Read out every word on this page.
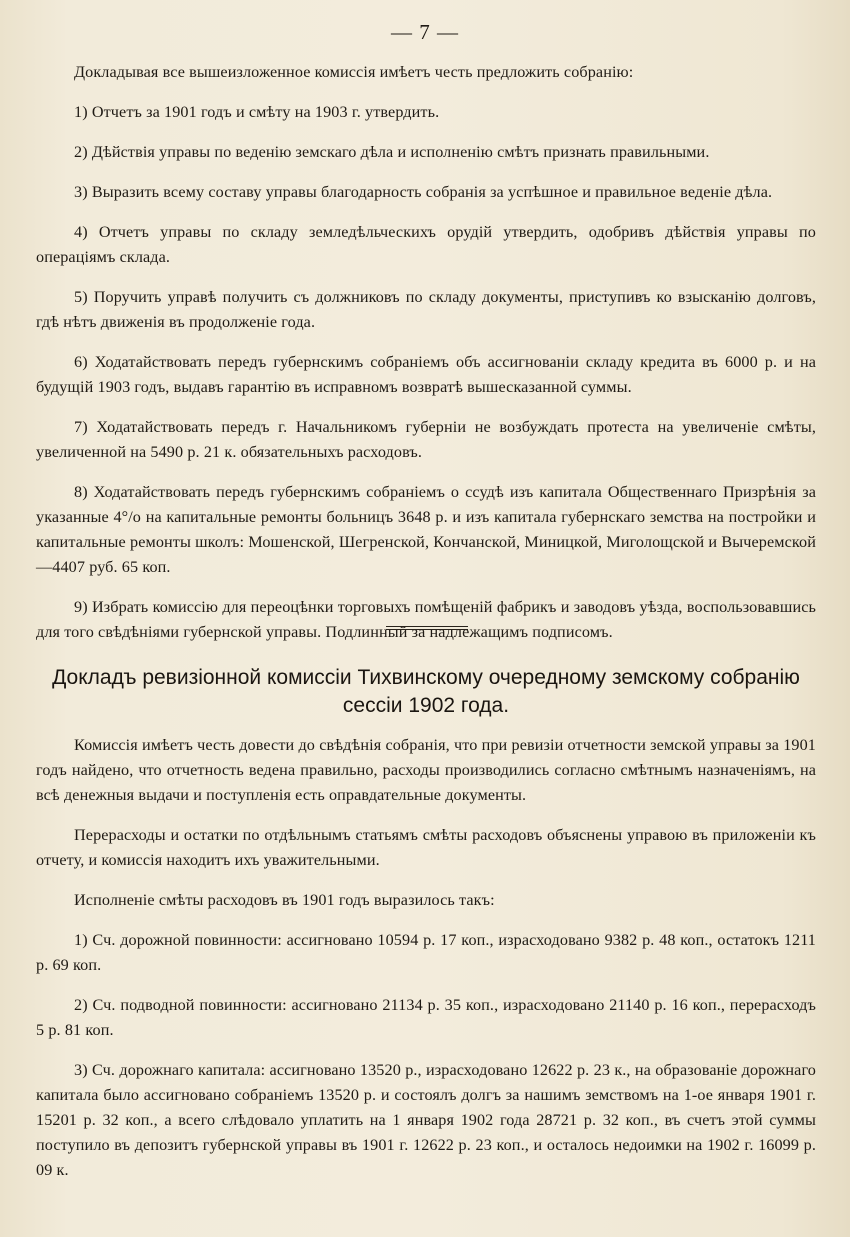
— 7 —

Докладывая все вышеизложенное комиссія имѣетъ честь предложить собранію:

1) Отчетъ за 1901 годъ и смѣту на 1903 г. утвердить.

2) Дѣйствія управы по веденію земскаго дѣла и исполненію смѣтъ признать правильными.

3) Выразить всему составу управы благодарность собранія за успѣшное и правильное веденіе дѣла.

4) Отчетъ управы по складу земледѣльческихъ орудій утвердить, одобривъ дѣйствія управы по операціямъ склада.

5) Поручить управѣ получить съ должниковъ по складу документы, приступивъ ко взысканію долговъ, гдѣ нѣтъ движенія въ продолженіе года.

6) Ходатайствовать передъ губернскимъ собраніемъ объ ассигнованіи складу кредита въ 6000 р. и на будущій 1903 годъ, выдавъ гарантію въ исправномъ возвратѣ вышесказанной суммы.

7) Ходатайствовать передъ г. Начальникомъ губерніи не возбуждать протеста на увеличеніе смѣты, увеличенной на 5490 р. 21 к. обязательныхъ расходовъ.

8) Ходатайствовать передъ губернскимъ собраніемъ о ссудѣ изъ капитала Общественнаго Призрѣнія за указанные 4°/о на капитальные ремонты больницъ 3648 р. и изъ капитала губернскаго земства на постройки и капитальные ремонты школъ: Мошенской, Шегренской, Кончанской, Миницкой, Миголощской и Вычеремской—4407 руб. 65 коп.

9) Избрать комиссію для переоцѣнки торговыхъ помѣщеній фабрикъ и заводовъ уѣзда, воспользовавшись для того свѣдѣніями губернской управы. Подлинный за надлежащимъ подписомъ.

Докладъ ревизіонной комиссіи Тихвинскому очередному земскому собранію
сессіи 1902 года.

Комиссія имѣетъ честь довести до свѣдѣнія собранія, что при ревизіи отчетности земской управы за 1901 годъ найдено, что отчетность ведена правильно, расходы производились согласно смѣтнымъ назначеніямъ, на всѣ денежныя выдачи и поступленія есть оправдательные документы.

Перерасходы и остатки по отдѣльнымъ статьямъ смѣты расходовъ объяснены управою въ приложеніи къ отчету, и комиссія находитъ ихъ уважительными.

Исполненіе смѣты расходовъ въ 1901 годъ выразилось такъ:

1) Сч. дорожной повинности: ассигновано 10594 р. 17 коп., израсходовано 9382 р. 48 коп., остатокъ 1211 р. 69 коп.

2) Сч. подводной повинности: ассигновано 21134 р. 35 коп., израсходовано 21140 р. 16 коп., перерасходъ 5 р. 81 коп.

3) Сч. дорожнаго капитала: ассигновано 13520 р., израсходовано 12622 р. 23 к., на образованіе дорожнаго капитала было ассигновано собраніемъ 13520 р. и состоялъ долгъ за нашимъ земствомъ на 1-ое января 1901 г. 15201 р. 32 коп., а всего слѣдовало уплатить на 1 января 1902 года 28721 р. 32 коп., въ счетъ этой суммы поступило въ депозитъ губернской управы въ 1901 г. 12622 р. 23 коп., и осталось недоимки на 1902 г. 16099 р. 09 к.
